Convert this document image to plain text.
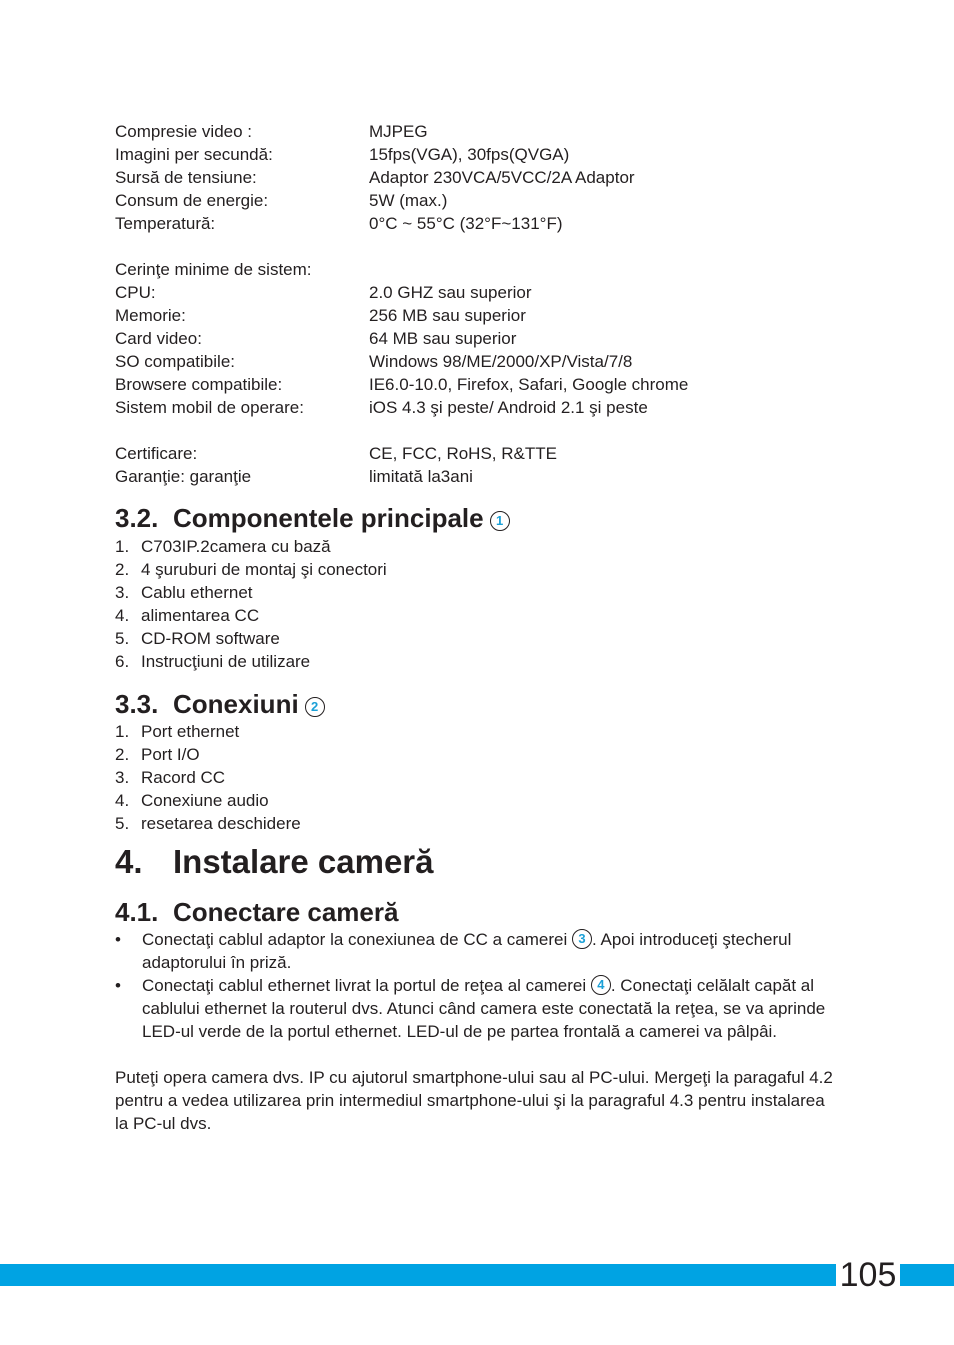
Compresie video :	MJPEG
Imagini per secundă:	15fps(VGA), 30fps(QVGA)
Sursă de tensiune:	Adaptor 230VCA/5VCC/2A Adaptor
Consum de energie:	5W (max.)
Temperatură:	0°C ~ 55°C (32°F~131°F)
Cerinţe minime de sistem:
CPU:	2.0 GHZ sau superior
Memorie:	256 MB sau superior
Card video:	64 MB sau superior
SO compatibile:	Windows 98/ME/2000/XP/Vista/7/8
Browsere compatibile:	IE6.0-10.0, Firefox, Safari, Google chrome
Sistem mobil de operare:	iOS 4.3 şi peste/ Android 2.1 şi peste
Certificare:	CE, FCC, RoHS, R&TTE
Garanţie: garanţie	limitată la3ani
3.2. Componentele principale 1
1. C703IP.2camera cu bază
2. 4 şuruburi de montaj şi conectori
3. Cablu ethernet
4. alimentarea CC
5. CD-ROM software
6. Instrucţiuni de utilizare
3.3. Conexiuni 2
1. Port ethernet
2. Port I/O
3. Racord CC
4. Conexiune audio
5. resetarea deschidere
4. Instalare cameră
4.1. Conectare cameră
•	Conectaţi cablul adaptor la conexiunea de CC a camerei 3 . Apoi introduceţi ştecherul adaptorului în priză.
•	Conectaţi cablul ethernet livrat la portul de reţea al camerei 4 . Conectaţi celălalt capăt al cablului ethernet la routerul dvs. Atunci când camera este conectată la reţea, se va aprinde LED-ul verde de la portul ethernet. LED-ul de pe partea frontală a camerei va pâlpâi.
Puteţi opera camera dvs. IP cu ajutorul smartphone-ului sau al PC-ului. Mergeţi la paragaful 4.2 pentru a vedea utilizarea prin intermediul smartphone-ului şi la paragraful 4.3 pentru instalarea la PC-ul dvs.
105
